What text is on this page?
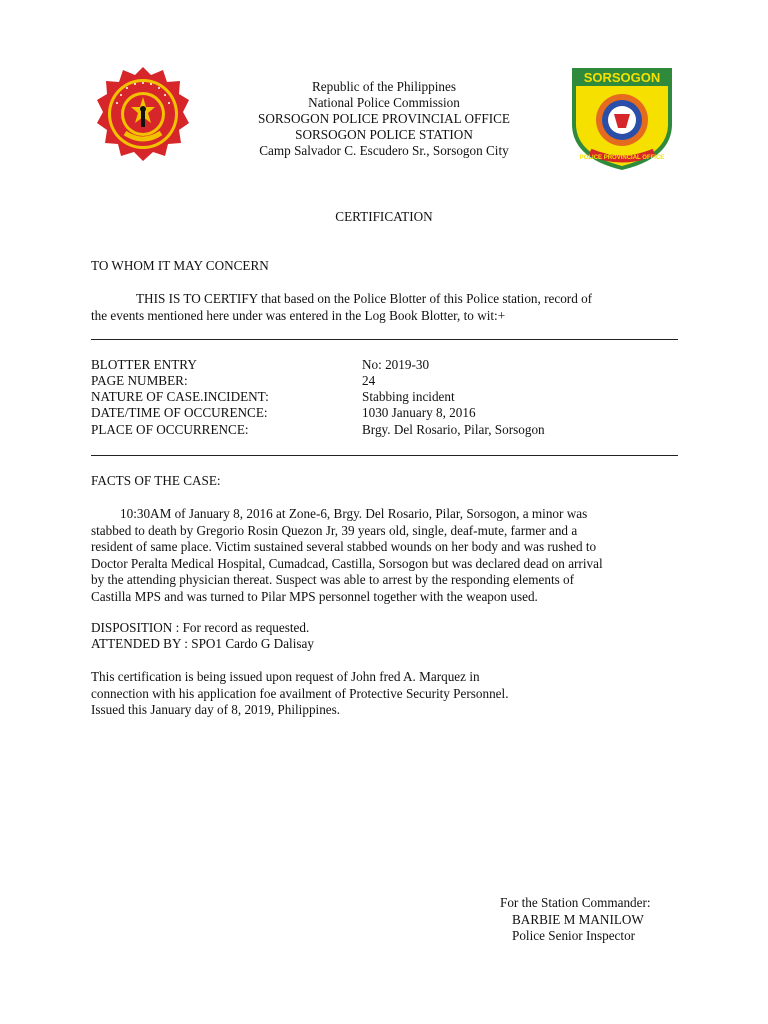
Republic of the Philippines
National Police Commission
SORSOGON POLICE PROVINCIAL OFFICE
SORSOGON POLICE STATION
Camp Salvador C. Escudero Sr., Sorsogon City
SORSOGON
POLICE PROVINCIAL OFFICE
CERTIFICATION
TO WHOM IT MAY CONCERN
THIS IS TO CERTIFY that based on the Police Blotter of this Police station, record of
the events mentioned here under was entered in the Log Book Blotter, to wit:+
BLOTTER ENTRY	No: 2019-30
PAGE NUMBER:	24
NATURE OF CASE.INCIDENT:	Stabbing incident
DATE/TIME OF OCCURENCE:	1030 January 8, 2016
PLACE OF OCCURRENCE:	Brgy. Del Rosario, Pilar, Sorsogon
FACTS OF THE CASE:
10:30AM of January 8, 2016 at Zone-6, Brgy. Del Rosario, Pilar, Sorsogon, a minor was
stabbed to death by Gregorio Rosin Quezon Jr, 39 years old, single, deaf-mute, farmer and a
resident of same place. Victim sustained several stabbed wounds on her body and was rushed to
Doctor Peralta Medical Hospital, Cumadcad, Castilla, Sorsogon but was declared dead on arrival
by the attending physician thereat. Suspect was able to arrest by the responding elements of
Castilla MPS and was turned to Pilar MPS personnel together with the weapon used.
DISPOSITION : For record as requested.
ATTENDED BY : SPO1 Cardo G Dalisay
This certification is being issued upon request of John fred A. Marquez in
connection with his application foe availment of Protective Security Personnel.
Issued this January day of 8, 2019, Philippines.
For the Station Commander:
BARBIE M MANILOW
Police Senior Inspector
